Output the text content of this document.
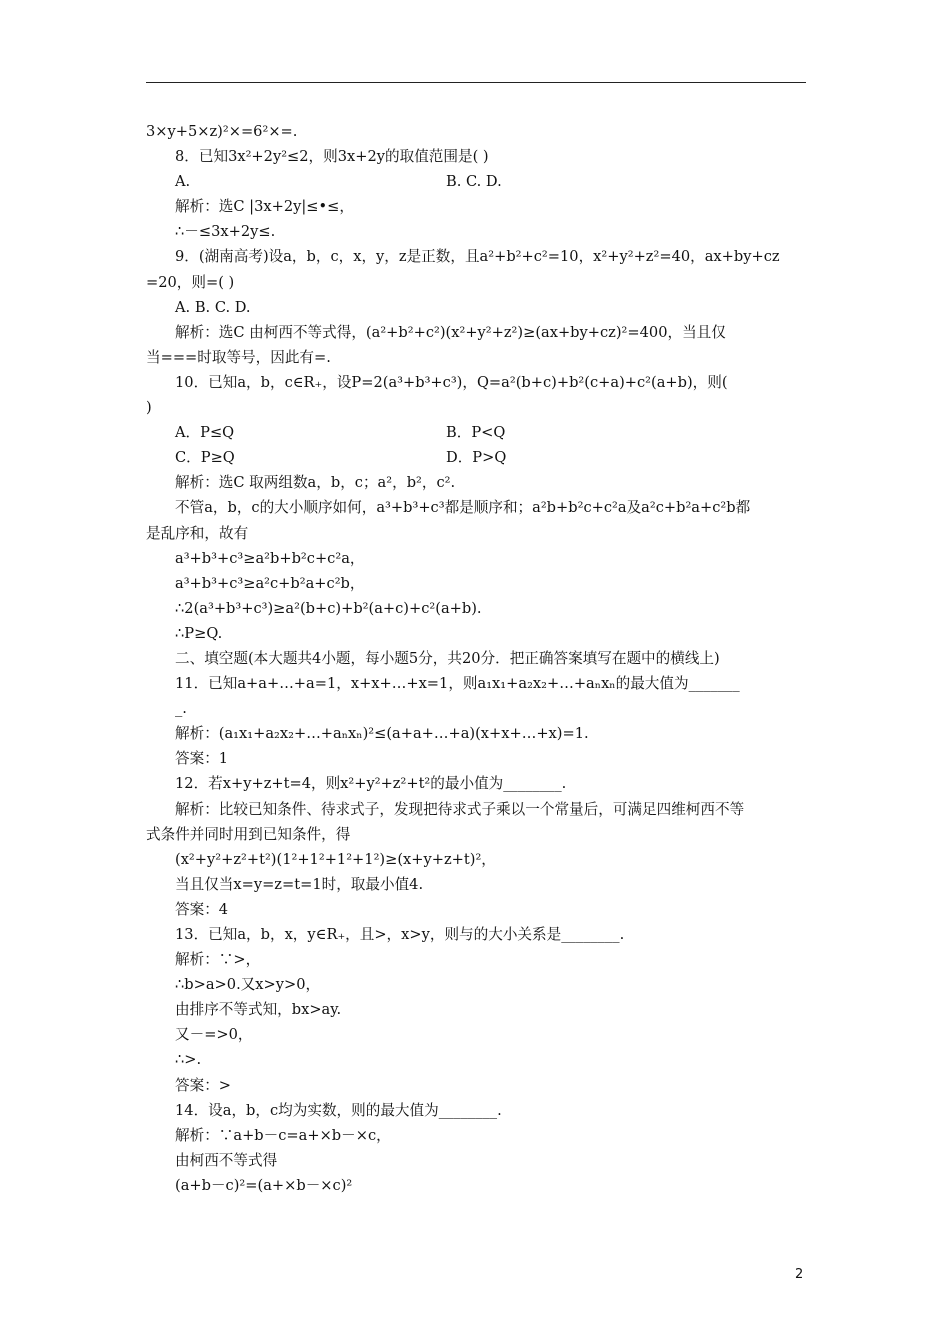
3×y+5×z)²×=6²×=.
8．已知3x²+2y²≤2，则3x+2y的取值范围是( )
A.	B. C. D.
解析：选C |3x+2y|≤•≤，
∴－≤3x+2y≤.
9．(湖南高考)设a，b，c，x，y，z是正数，且a²+b²+c²=10，x²+y²+z²=40，ax+by+cz
=20，则=( )
A. B. C. D.
解析：选C 由柯西不等式得，(a²+b²+c²)(x²+y²+z²)≥(ax+by+cz)²=400，当且仅
当===时取等号，因此有=.
10．已知a，b，c∈R₊，设P=2(a³+b³+c³)，Q=a²(b+c)+b²(c+a)+c²(a+b)，则(
)
A．P≤Q	B．P<Q
C．P≥Q	D．P>Q
解析：选C 取两组数a，b，c；a²，b²，c².
不管a，b，c的大小顺序如何，a³+b³+c³都是顺序和；a²b+b²c+c²a及a²c+b²a+c²b都
是乱序和，故有
a³+b³+c³≥a²b+b²c+c²a，
a³+b³+c³≥a²c+b²a+c²b，
∴2(a³+b³+c³)≥a²(b+c)+b²(a+c)+c²(a+b).
∴P≥Q.
二、填空题(本大题共4小题，每小题5分，共20分．把正确答案填写在题中的横线上)
11．已知a+a+…+a=1，x+x+…+x=1，则a₁x₁+a₂x₂+…+aₙxₙ的最大值为_______
_.
解析：(a₁x₁+a₂x₂+…+aₙxₙ)²≤(a+a+…+a)(x+x+…+x)=1.
答案：1
12．若x+y+z+t=4，则x²+y²+z²+t²的最小值为________.
解析：比较已知条件、待求式子，发现把待求式子乘以一个常量后，可满足四维柯西不等
式条件并同时用到已知条件，得
(x²+y²+z²+t²)(1²+1²+1²+1²)≥(x+y+z+t)²，
当且仅当x=y=z=t=1时，取最小值4.
答案：4
13．已知a，b，x，y∈R₊，且>，x>y，则与的大小关系是________.
解析：∵>，
∴b>a>0.又x>y>0，
由排序不等式知，bx>ay.
又－=>0，
∴>.
答案：>
14．设a，b，c均为实数，则的最大值为________.
解析：∵a+b－c=a+×b－×c，
由柯西不等式得
(a+b－c)²=(a+×b－×c)²
2
